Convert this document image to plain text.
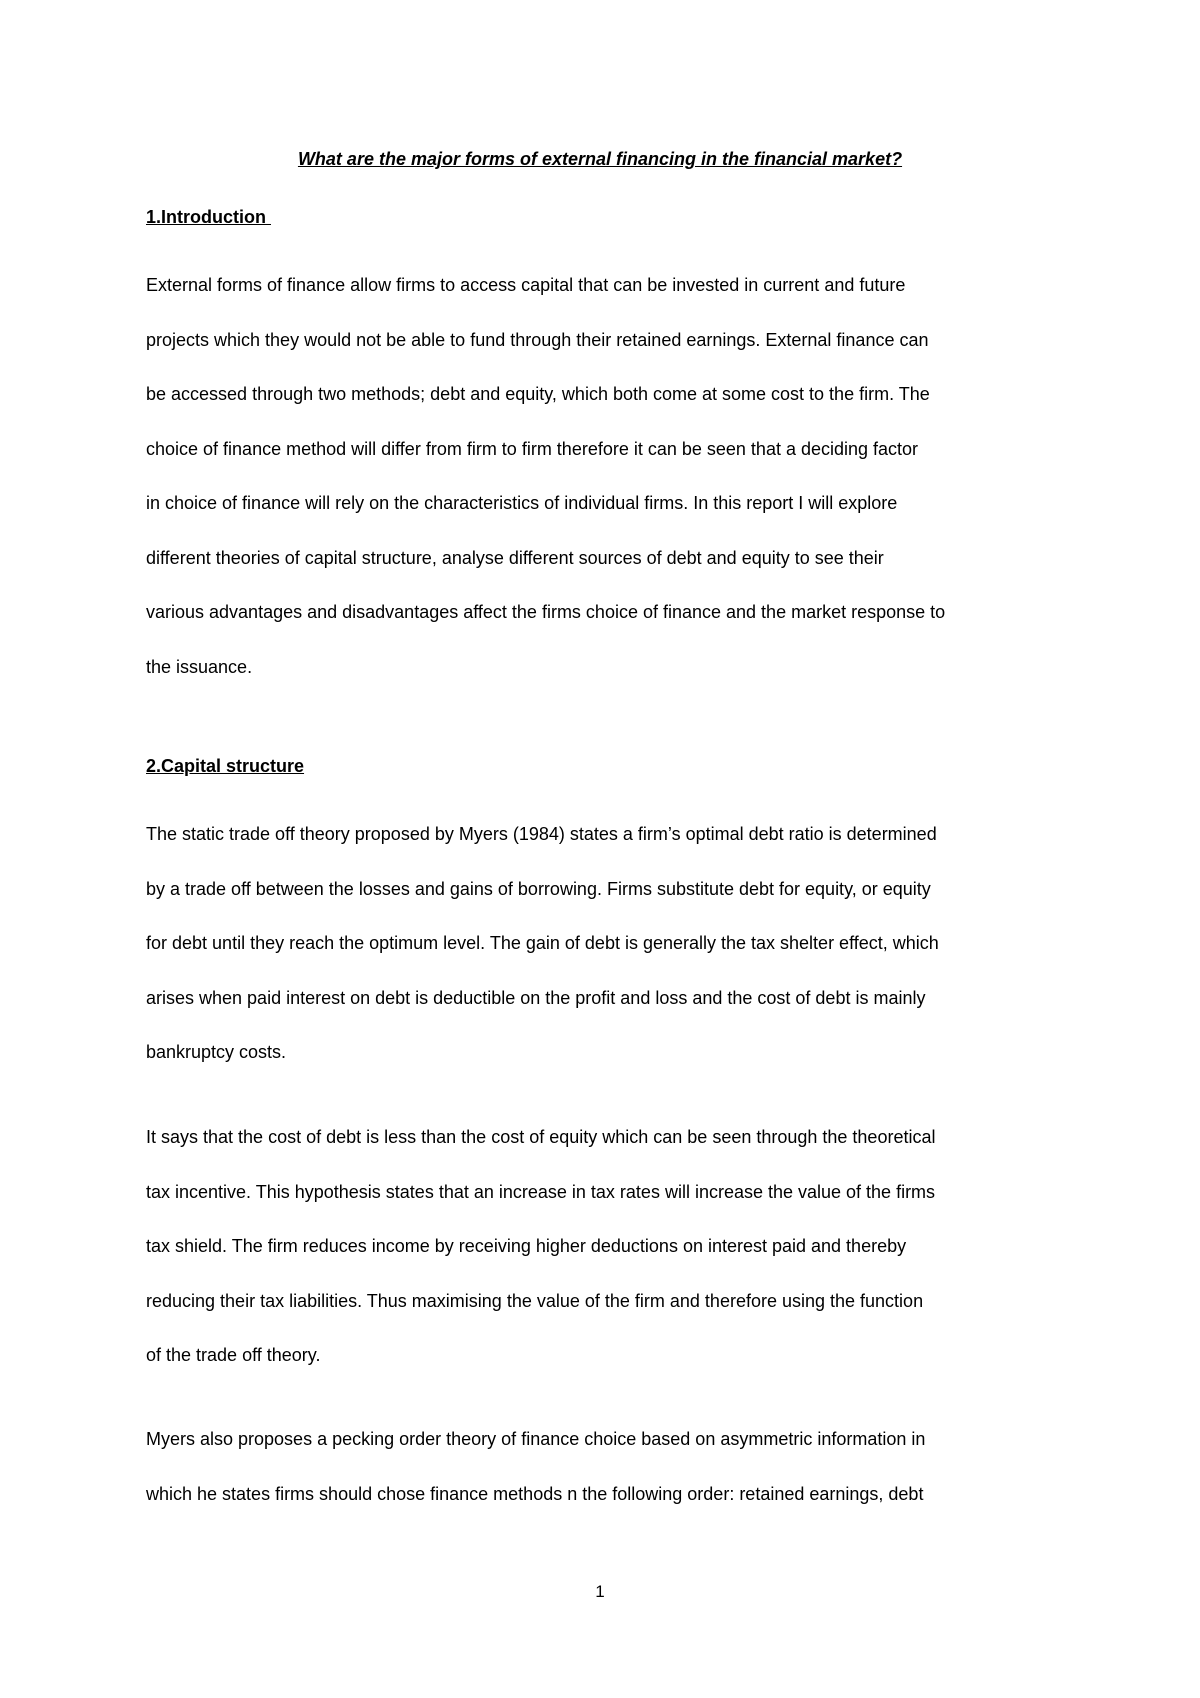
What are the major forms of external financing in the financial market?
1.Introduction
External forms of finance allow firms to access capital that can be invested in current and future
projects which they would not be able to fund through their retained earnings. External finance can
be accessed through two methods; debt and equity, which both come at some cost to the firm. The
choice of finance method will differ from firm to firm therefore it can be seen that a deciding factor
in choice of finance will rely on the characteristics of individual firms. In this report I will explore
different theories of capital structure, analyse different sources of debt and equity to see their
various advantages and disadvantages affect the firms choice of finance and the market response to
the issuance.
2.Capital structure
The static trade off theory proposed by Myers (1984) states a firm’s optimal debt ratio is determined
by a trade off between the losses and gains of borrowing. Firms substitute debt for equity, or equity
for debt until they reach the optimum level. The gain of debt is generally the tax shelter effect, which
arises when paid interest on debt is deductible on the profit and loss and the cost of debt is mainly
bankruptcy costs.
It says that the cost of debt is less than the cost of equity which can be seen through the theoretical
tax incentive. This hypothesis states that an increase in tax rates will increase the value of the firms
tax shield. The firm reduces income by receiving higher deductions on interest paid and thereby
reducing their tax liabilities. Thus maximising the value of the firm and therefore using the function
of the trade off theory.
Myers also proposes a pecking order theory of finance choice based on asymmetric information in
which he states firms should chose finance methods n the following order: retained earnings, debt
1
